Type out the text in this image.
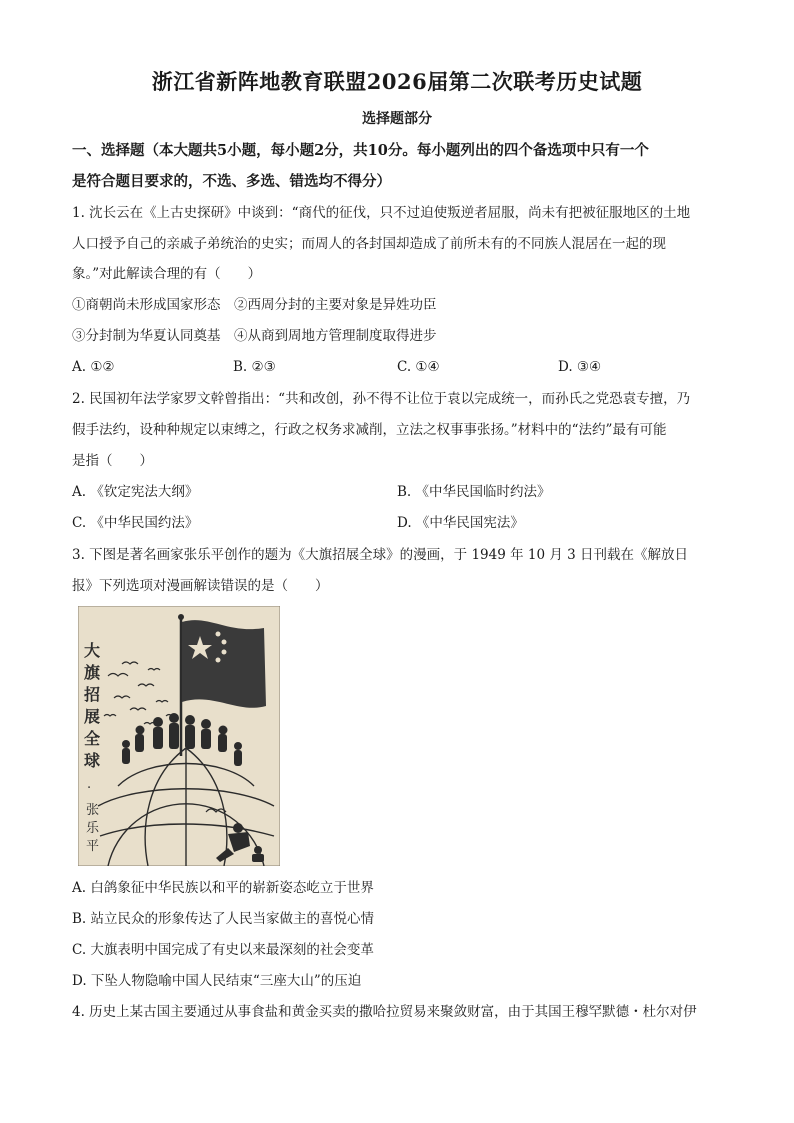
浙江省新阵地教育联盟2026届第二次联考历史试题
选择题部分
一、选择题（本大题共5小题，每小题2分，共10分。每小题列出的四个备选项中只有一个
是符合题目要求的，不选、多选、错选均不得分）
1. 沈长云在《上古史探研》中谈到：“商代的征伐，只不过迫使叛逆者屈服，尚未有把被征服地区的土地
人口授予自己的亲戚子弟统治的史实；而周人的各封国却造成了前所未有的不同族人混居在一起的现
象。”对此解读合理的有（　　）
①商朝尚未形成国家形态　②西周分封的主要对象是异姓功臣
③分封制为华夏认同奠基　④从商到周地方管理制度取得进步
A. ①②	B. ②③	C. ①④	D. ③④
2. 民国初年法学家罗文幹曾指出：“共和改创，孙不得不让位于袁以完成统一，而孙氏之党恐袁专擅，乃
假手法约，设种种规定以束缚之，行政之权务求减削，立法之权事事张扬。”材料中的“法约”最有可能
是指（　　）
A. 《钦定宪法大纲》	B. 《中华民国临时约法》
C. 《中华民国约法》	D. 《中华民国宪法》
3. 下图是著名画家张乐平创作的题为《大旗招展全球》的漫画，于 1949 年 10 月 3 日刊载在《解放日
报》下列选项对漫画解读错误的是（　　）
大
旗
招
展
全
球
·
张
乐
平
A. 白鸽象征中华民族以和平的崭新姿态屹立于世界
B. 站立民众的形象传达了人民当家做主的喜悦心情
C. 大旗表明中国完成了有史以来最深刻的社会变革
D. 下坠人物隐喻中国人民结束“三座大山”的压迫
4. 历史上某古国主要通过从事食盐和黄金买卖的撒哈拉贸易来聚敛财富，由于其国王穆罕默德・杜尔对伊
